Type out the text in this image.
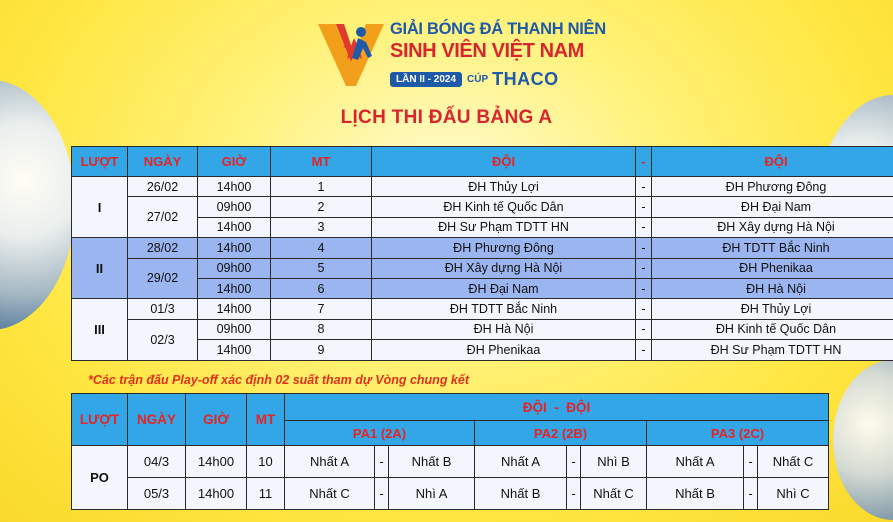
GIẢI BÓNG ĐÁ THANH NIÊN
SINH VIÊN VIỆT NAM
LẦN II - 2024 CÚP THACO
LỊCH THI ĐẤU BẢNG A
LƯỢT	NGÀY	GIỜ	MT	ĐỘI	-	ĐỘI
I	26/02	14h00	1	ĐH Thủy Lợi	-	ĐH Phương Đông
	27/02	09h00	2	ĐH Kinh tế Quốc Dân	-	ĐH Đại Nam
		14h00	3	ĐH Sư Phạm TDTT HN	-	ĐH Xây dựng Hà Nội
II	28/02	14h00	4	ĐH Phương Đông	-	ĐH TDTT Bắc Ninh
	29/02	09h00	5	ĐH Xây dựng Hà Nội	-	ĐH Phenikaa
		14h00	6	ĐH Đại Nam	-	ĐH Hà Nội
III	01/3	14h00	7	ĐH TDTT Bắc Ninh	-	ĐH Thủy Lợi
	02/3	09h00	8	ĐH Hà Nội	-	ĐH Kinh tế Quốc Dân
		14h00	9	ĐH Phenikaa	-	ĐH Sư Phạm TDTT HN
*Các trận đấu Play-off xác định 02 suất tham dự Vòng chung kết
LƯỢT	NGÀY	GIỜ	MT	ĐỘI  -  ĐỘI								
				PA1 (2A)			PA2 (2B)			PA3 (2C)		
PO	04/3	14h00	10	Nhất A	-	Nhất B	Nhất A	-	Nhì B	Nhất A	-	Nhất C
	05/3	14h00	11	Nhất C	-	Nhì A	Nhất B	-	Nhất C	Nhất B	-	Nhì C
